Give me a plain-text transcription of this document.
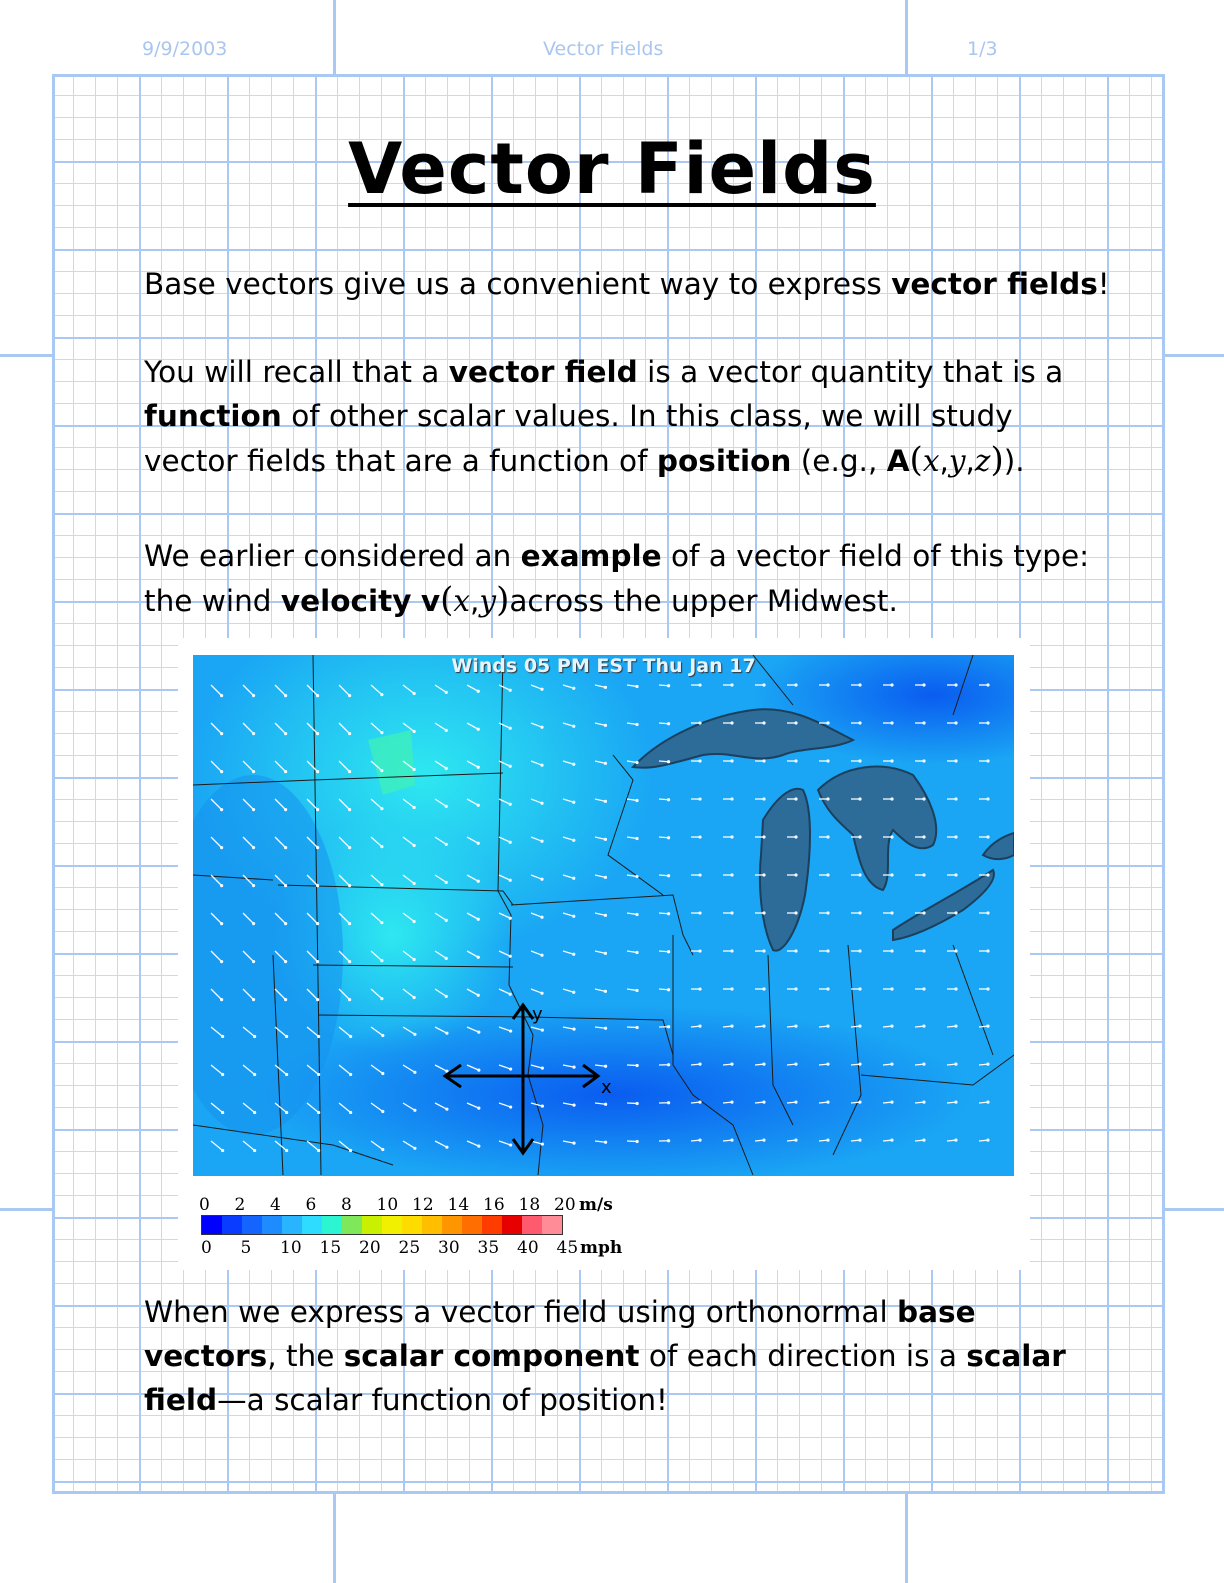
9/9/2003	Vector Fields	1/3
Vector Fields
Base vectors give us a convenient way to express vector fields!
You will recall that a vector field is a vector quantity that is a
function of other scalar values. In this class, we will study
vector fields that are a function of position (e.g., A(x,y,z)).
We earlier considered an example of a vector field of this type:
the wind velocity v(x,y)across the upper Midwest.
x
y
Winds 05 PM EST Thu Jan 17
0 2 4 6 8 10 12 14 16 18 20 m/s
0 5 10 15 20 25 30 35 40 45 mph
When we express a vector field using orthonormal base
vectors, the scalar component of each direction is a scalar
field—a scalar function of position!
